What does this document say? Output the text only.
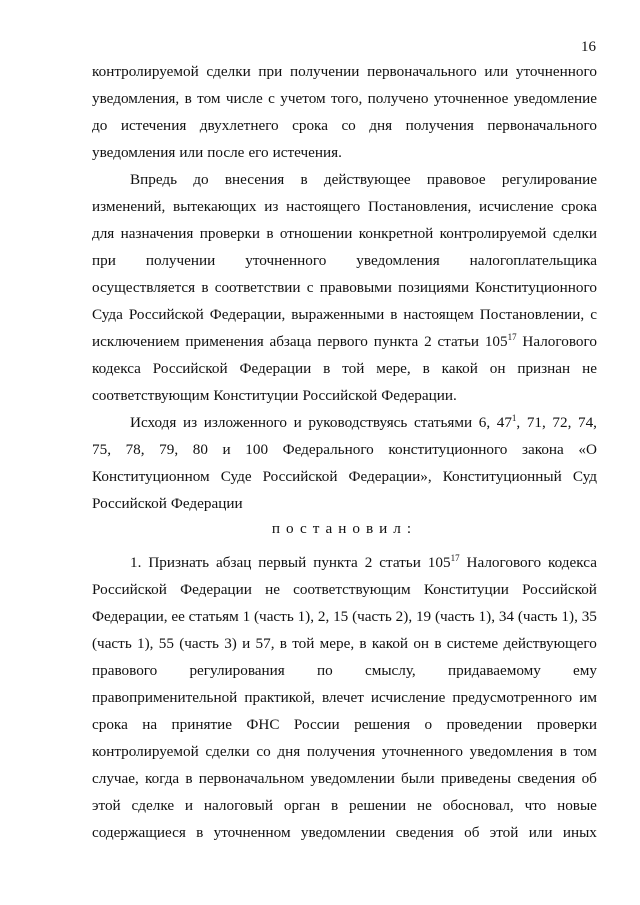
16
контролируемой сделки при получении первоначального или уточненного
уведомления, в том числе с учетом того, получено уточненное уведомление
до истечения двухлетнего срока со дня получения первоначального
уведомления или после его истечения.
Впредь до внесения в действующее правовое регулирование
изменений, вытекающих из настоящего Постановления, исчисление срока
для назначения проверки в отношении конкретной контролируемой сделки
при получении уточненного уведомления налогоплательщика
осуществляется в соответствии с правовыми позициями Конституционного
Суда Российской Федерации, выраженными в настоящем Постановлении, с
исключением применения абзаца первого пункта 2 статьи $105^{17}$ Налогового
кодекса Российской Федерации в той мере, в какой он признан не
соответствующим Конституции Российской Федерации.
Исходя из изложенного и руководствуясь статьями 6, $47^1$, 71, 72, 74,
75, 78, 79, 80 и 100 Федерального конституционного закона «О
Конституционном Суде Российской Федерации», Конституционный Суд
Российской Федерации
1. Признать абзац первый пункта 2 статьи $105^{17}$ Налогового кодекса
Российской Федерации не соответствующим Конституции Российской
Федерации, ее статьям 1 (часть 1), 2, 15 (часть 2), 19 (часть 1), 34 (часть 1), 35
(часть 1), 55 (часть 3) и 57, в той мере, в какой он в системе действующего
правового регулирования по смыслу, придаваемому ему
правоприменительной практикой, влечет исчисление предусмотренного им
срока на принятие ФНС России решения о проведении проверки
контролируемой сделки со дня получения уточненного уведомления в том
случае, когда в первоначальном уведомлении были приведены сведения об
этой сделке и налоговый орган в решении не обосновал, что новые
содержащиеся в уточненном уведомлении сведения об этой или иных
постановил:
